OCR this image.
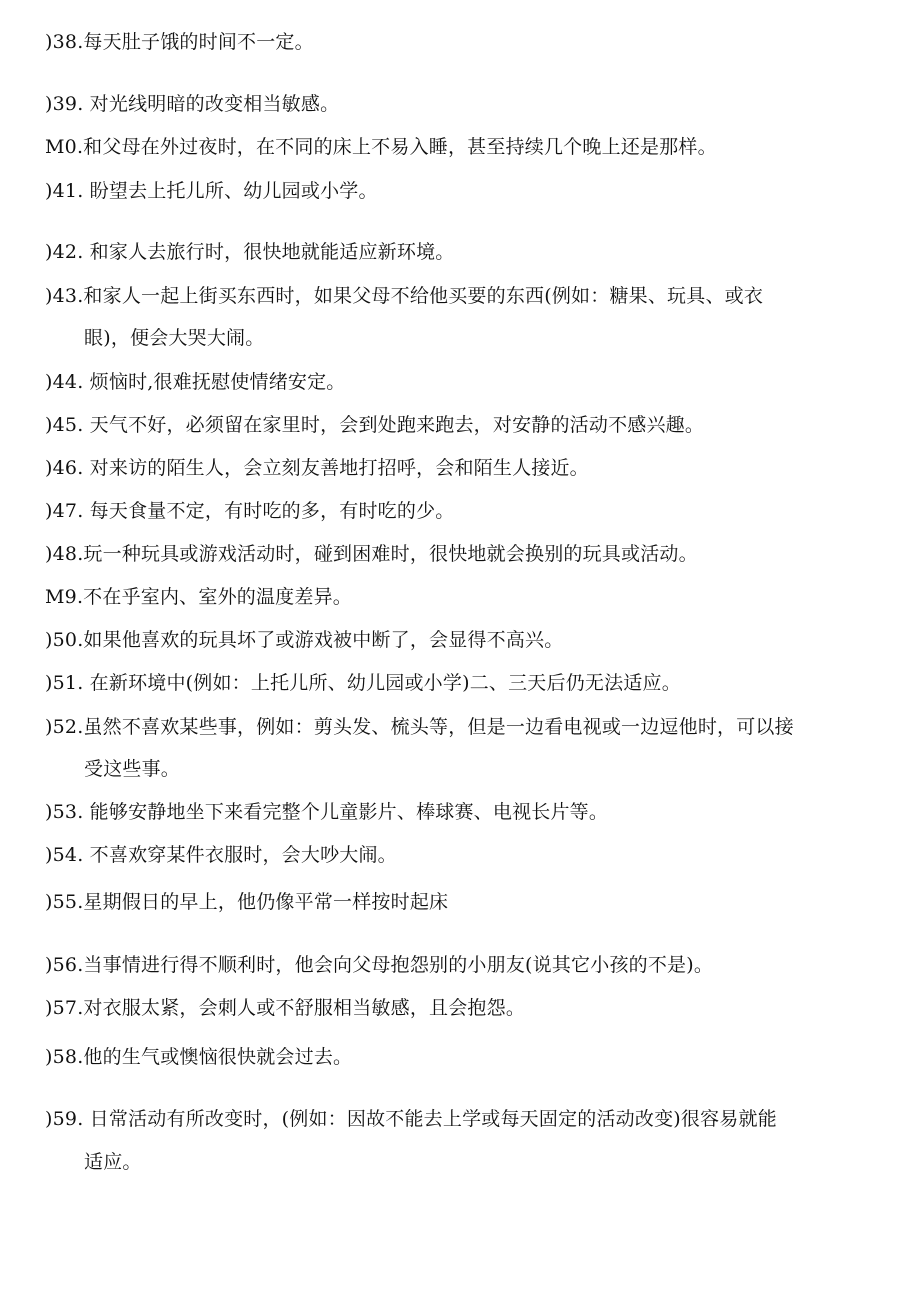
)38.每天肚子饿的时间不一定。
)39. 对光线明暗的改变相当敏感。
M0.和父母在外过夜时，在不同的床上不易入睡，甚至持续几个晚上还是那样。
)41. 盼望去上托儿所、幼儿园或小学。
)42. 和家人去旅行时，很快地就能适应新环境。
)43.和家人一起上街买东西时，如果父母不给他买要的东西(例如：糖果、玩具、或衣
眼)，便会大哭大闹。
)44. 烦恼时,很难抚慰使情绪安定。
)45. 天气不好，必须留在家里时，会到处跑来跑去，对安静的活动不感兴趣。
)46. 对来访的陌生人，会立刻友善地打招呼，会和陌生人接近。
)47. 每天食量不定，有时吃的多，有时吃的少。
)48.玩一种玩具或游戏活动时，碰到困难时，很快地就会换别的玩具或活动。
M9.不在乎室内、室外的温度差异。
)50.如果他喜欢的玩具坏了或游戏被中断了，会显得不高兴。
)51. 在新环境中(例如：上托儿所、幼儿园或小学)二、三天后仍无法适应。
)52.虽然不喜欢某些事，例如：剪头发、梳头等，但是一边看电视或一边逗他时，可以接
受这些事。
)53. 能够安静地坐下来看完整个儿童影片、棒球赛、电视长片等。
)54. 不喜欢穿某件衣服时，会大吵大闹。
)55.星期假日的早上，他仍像平常一样按时起床
)56.当事情进行得不顺利时，他会向父母抱怨别的小朋友(说其它小孩的不是)。
)57.对衣服太紧，会刺人或不舒服相当敏感，且会抱怨。
)58.他的生气或懊恼很快就会过去。
)59. 日常活动有所改变时，(例如：因故不能去上学或每天固定的活动改变)很容易就能
适应。
